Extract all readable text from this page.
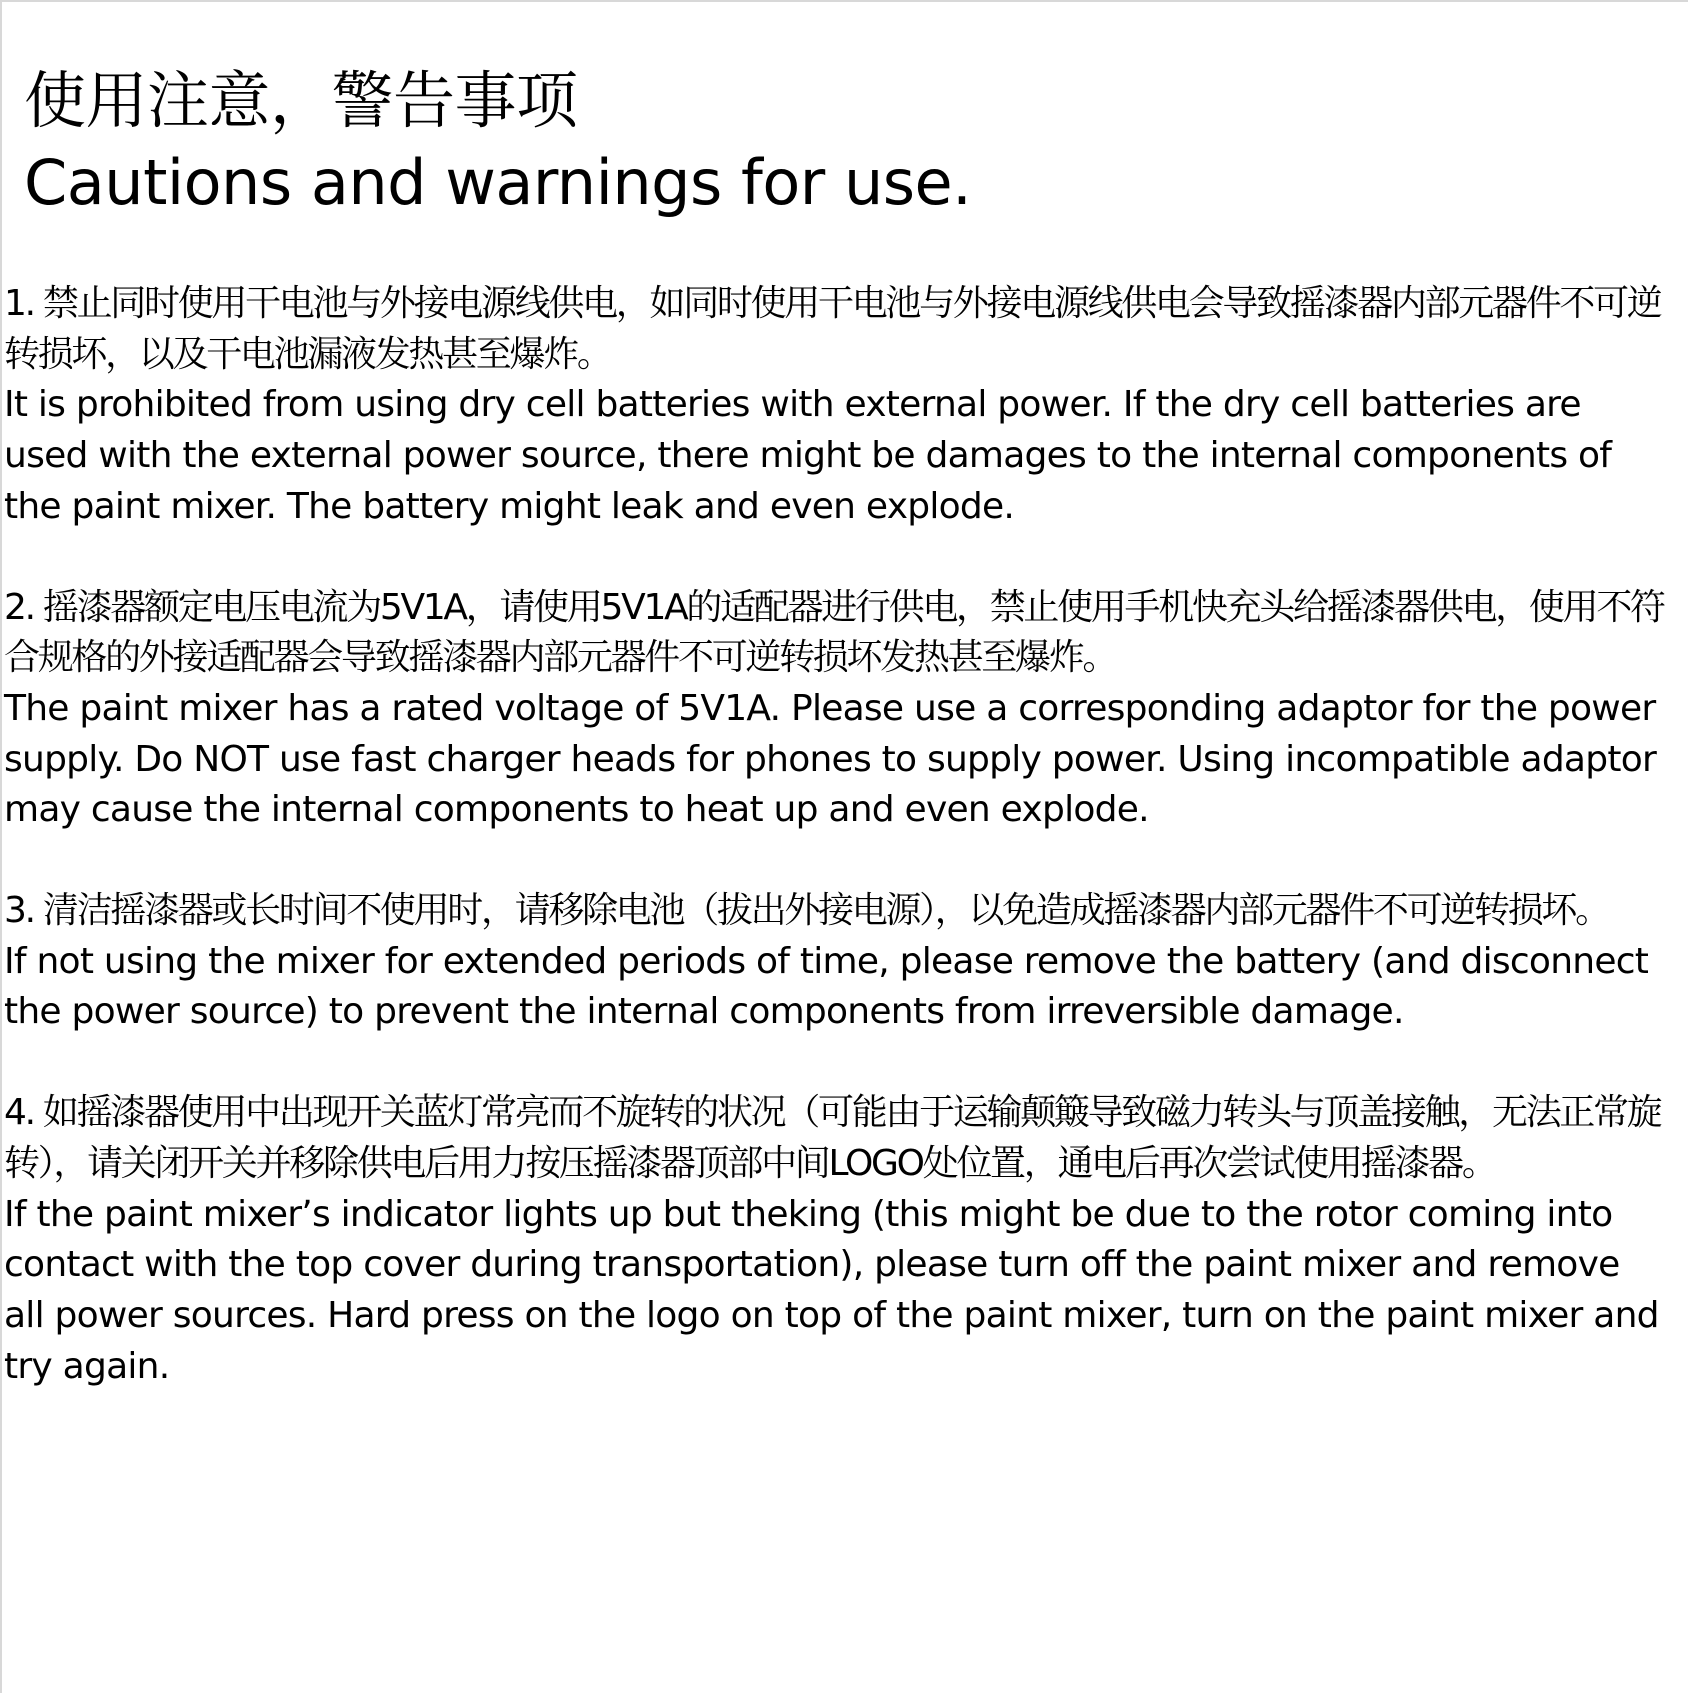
使用注意，警告事项
Cautions and warnings for use.

1. 禁止同时使用干电池与外接电源线供电，如同时使用干电池与外接电源线供电会导致摇漆器内部元器件不可逆转损坏，以及干电池漏液发热甚至爆炸。

It is prohibited from using dry cell batteries with external power. If the dry cell batteries are used with the external power source, there might be damages to the internal components of the paint mixer. The battery might leak and even explode.

2. 摇漆器额定电压电流为5V1A，请使用5V1A的适配器进行供电，禁止使用手机快充头给摇漆器供电，使用不符合规格的外接适配器会导致摇漆器内部元器件不可逆转损坏发热甚至爆炸。

The paint mixer has a rated voltage of 5V1A. Please use a corresponding adaptor for the power supply. Do NOT use fast charger heads for phones to supply power. Using incompatible adaptor may cause the internal components to heat up and even explode.

3. 清洁摇漆器或长时间不使用时，请移除电池（拔出外接电源），以免造成摇漆器内部元器件不可逆转损坏。

If not using the mixer for extended periods of time, please remove the battery (and disconnect the power source) to prevent the internal components from irreversible damage.

4. 如摇漆器使用中出现开关蓝灯常亮而不旋转的状况（可能由于运输颠簸导致磁力转头与顶盖接触，无法正常旋转），请关闭开关并移除供电后用力按压摇漆器顶部中间LOGO处位置，通电后再次尝试使用摇漆器。

If the paint mixer’s indicator lights up but theking (this might be due to the rotor coming into contact with the top cover during transportation), please turn off the paint mixer and remove all power sources. Hard press on the logo on top of the paint mixer, turn on the paint mixer and try again.
